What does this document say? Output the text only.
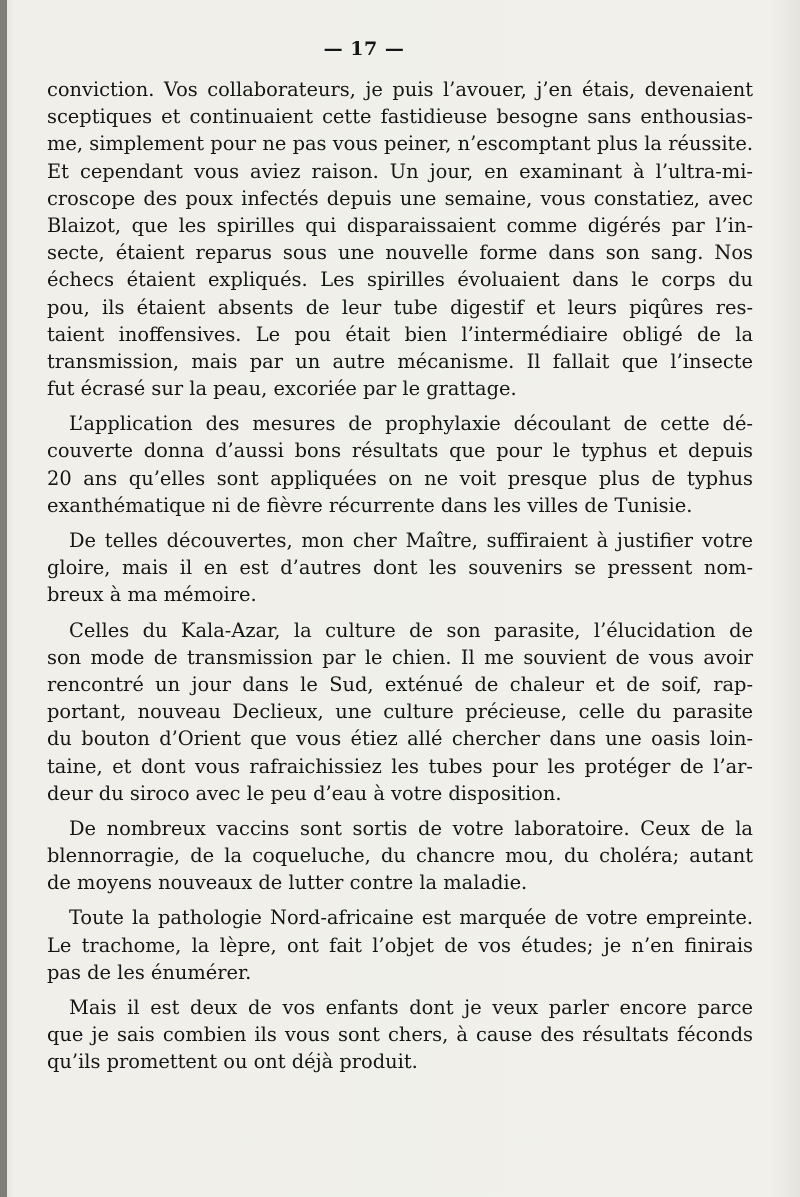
— 17 —

conviction. Vos collaborateurs, je puis l’avouer, j’en étais, devenaient
sceptiques et continuaient cette fastidieuse besogne sans enthousias-
me, simplement pour ne pas vous peiner, n’escomptant plus la réussite.
Et cependant vous aviez raison. Un jour, en examinant à l’ultra-mi-
croscope des poux infectés depuis une semaine, vous constatiez, avec
Blaizot, que les spirilles qui disparaissaient comme digérés par l’in-
secte, étaient reparus sous une nouvelle forme dans son sang. Nos
échecs étaient expliqués. Les spirilles évoluaient dans le corps du
pou, ils étaient absents de leur tube digestif et leurs piqûres res-
taient inoffensives. Le pou était bien l’intermédiaire obligé de la
transmission, mais par un autre mécanisme. Il fallait que l’insecte
fut écrasé sur la peau, excoriée par le grattage.

L’application des mesures de prophylaxie découlant de cette dé-
couverte donna d’aussi bons résultats que pour le typhus et depuis
20 ans qu’elles sont appliquées on ne voit presque plus de typhus
exanthématique ni de fièvre récurrente dans les villes de Tunisie.

De telles découvertes, mon cher Maître, suffiraient à justifier votre
gloire, mais il en est d’autres dont les souvenirs se pressent nom-
breux à ma mémoire.

Celles du Kala-Azar, la culture de son parasite, l’élucidation de
son mode de transmission par le chien. Il me souvient de vous avoir
rencontré un jour dans le Sud, exténué de chaleur et de soif, rap-
portant, nouveau Declieux, une culture précieuse, celle du parasite
du bouton d’Orient que vous étiez allé chercher dans une oasis loin-
taine, et dont vous rafraichissiez les tubes pour les protéger de l’ar-
deur du siroco avec le peu d’eau à votre disposition.

De nombreux vaccins sont sortis de votre laboratoire. Ceux de la
blennorragie, de la coqueluche, du chancre mou, du choléra; autant
de moyens nouveaux de lutter contre la maladie.

Toute la pathologie Nord-africaine est marquée de votre empreinte.
Le trachome, la lèpre, ont fait l’objet de vos études; je n’en finirais
pas de les énumérer.

Mais il est deux de vos enfants dont je veux parler encore parce
que je sais combien ils vous sont chers, à cause des résultats féconds
qu’ils promettent ou ont déjà produit.
